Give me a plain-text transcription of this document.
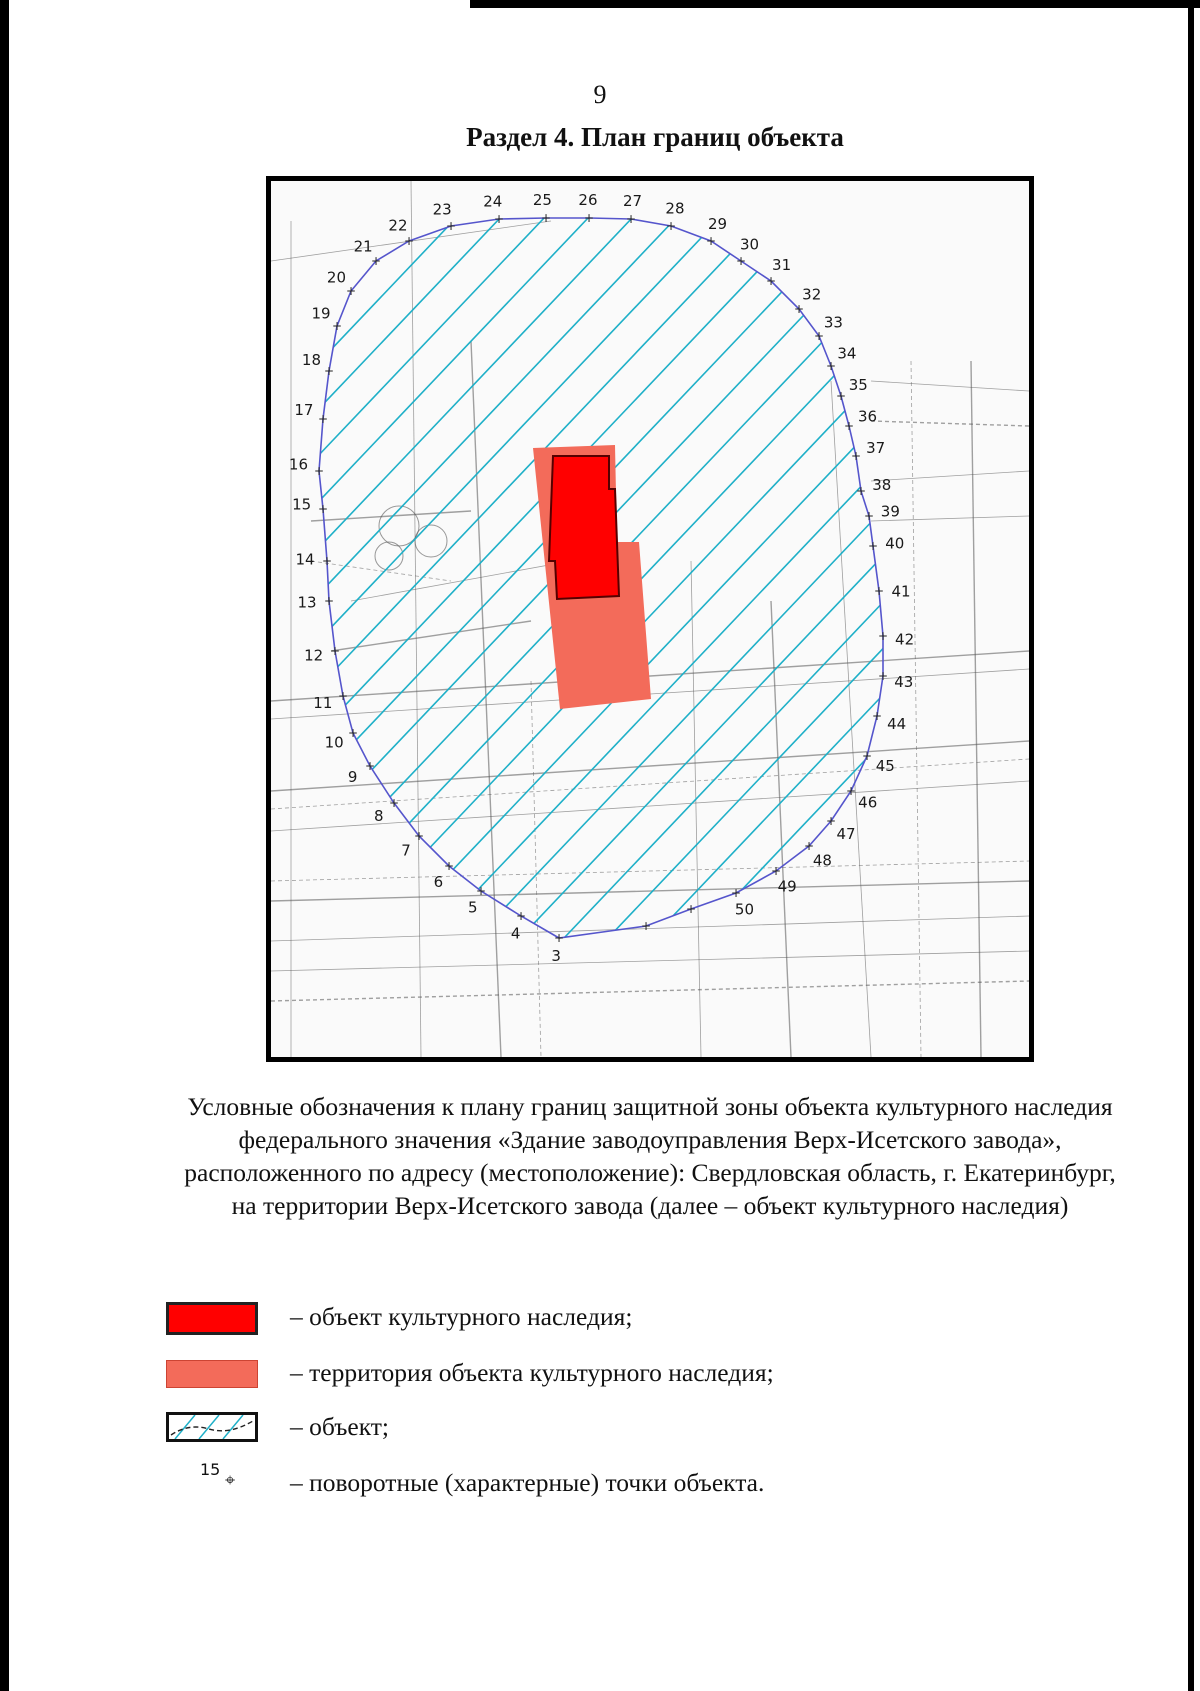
9
Раздел 4. План границ объекта
+
3
+
4
+
5
+
6
+
7
+
8
+
9
+
10
+
11
+
12
+
13
+
14
+
15
+
16
+
17
+
18
+
19
+
20
+
21	+
22	+
23
+
24
+
25
+
26
+
27
+
28
+
29
+
30
+
31
+
32
+
33
+
34
+
35
+
36
+ 37
+ 38
+ 39
+ 40
+ 41
+ 42
+ 43
+ 44
+
45
+
46
+
47
+
48
+
49
+
50
+
+
Условные обозначения к плану границ защитной зоны объекта культурного наследия федерального значения «Здание заводоуправления Верх-Исетского завода», расположенного по адресу (местоположение): Свердловская область, г. Екатеринбург, на территории Верх-Исетского завода (далее – объект культурного наследия)
– объект культурного наследия;
– территория объекта культурного наследия;
– объект;
15
⌖ – поворотные (характерные) точки объекта.
